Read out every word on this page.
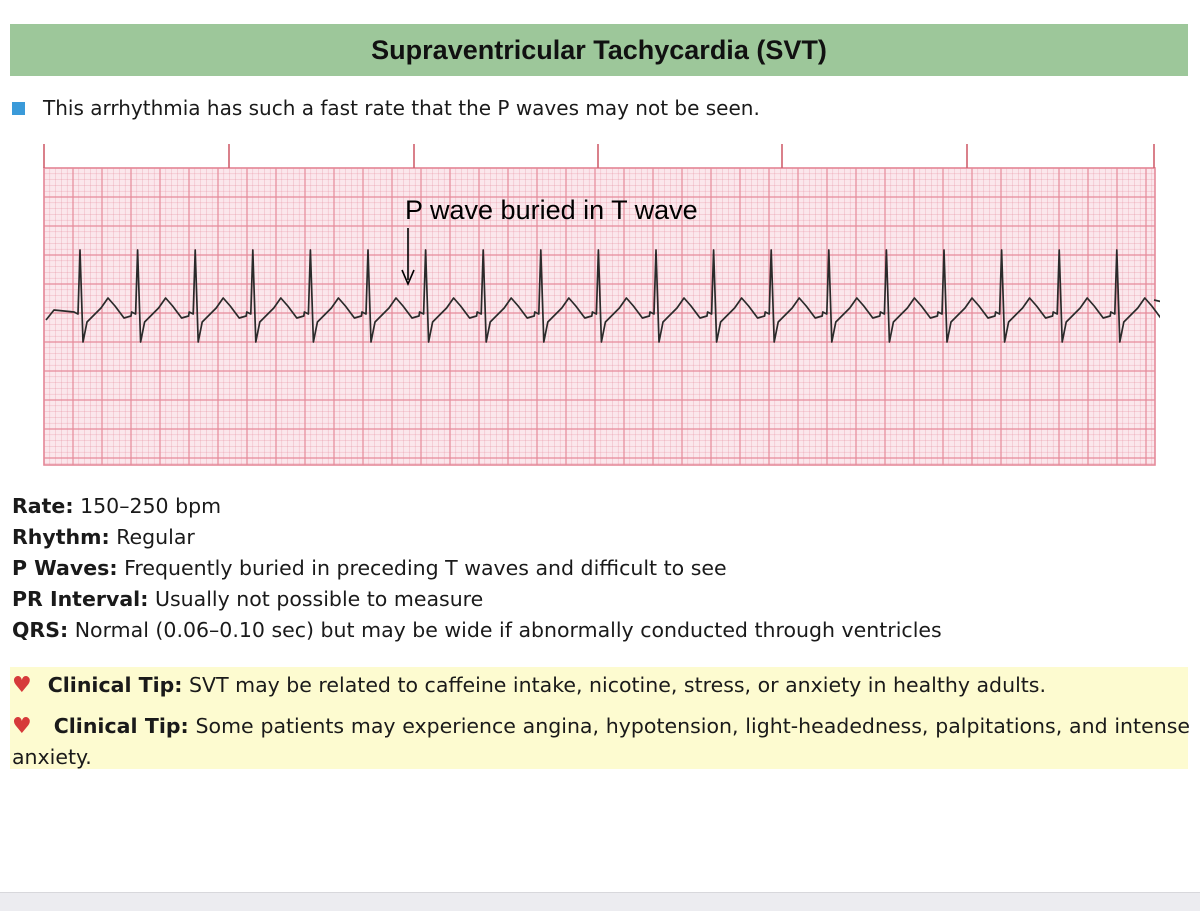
Supraventricular Tachycardia (SVT)
This arrhythmia has such a fast rate that the P waves may not be seen.
P wave buried in T wave
Rate: 150–250 bpm
Rhythm: Regular
P Waves: Frequently buried in preceding T waves and difficult to see
PR Interval: Usually not possible to measure
QRS: Normal (0.06–0.10 sec) but may be wide if abnormally conducted through ventricles
♥ Clinical Tip: SVT may be related to caffeine intake, nicotine, stress, or anxiety in healthy adults.
♥ Clinical Tip: Some patients may experience angina, hypotension, light-headedness, palpitations, and intense anxiety.
